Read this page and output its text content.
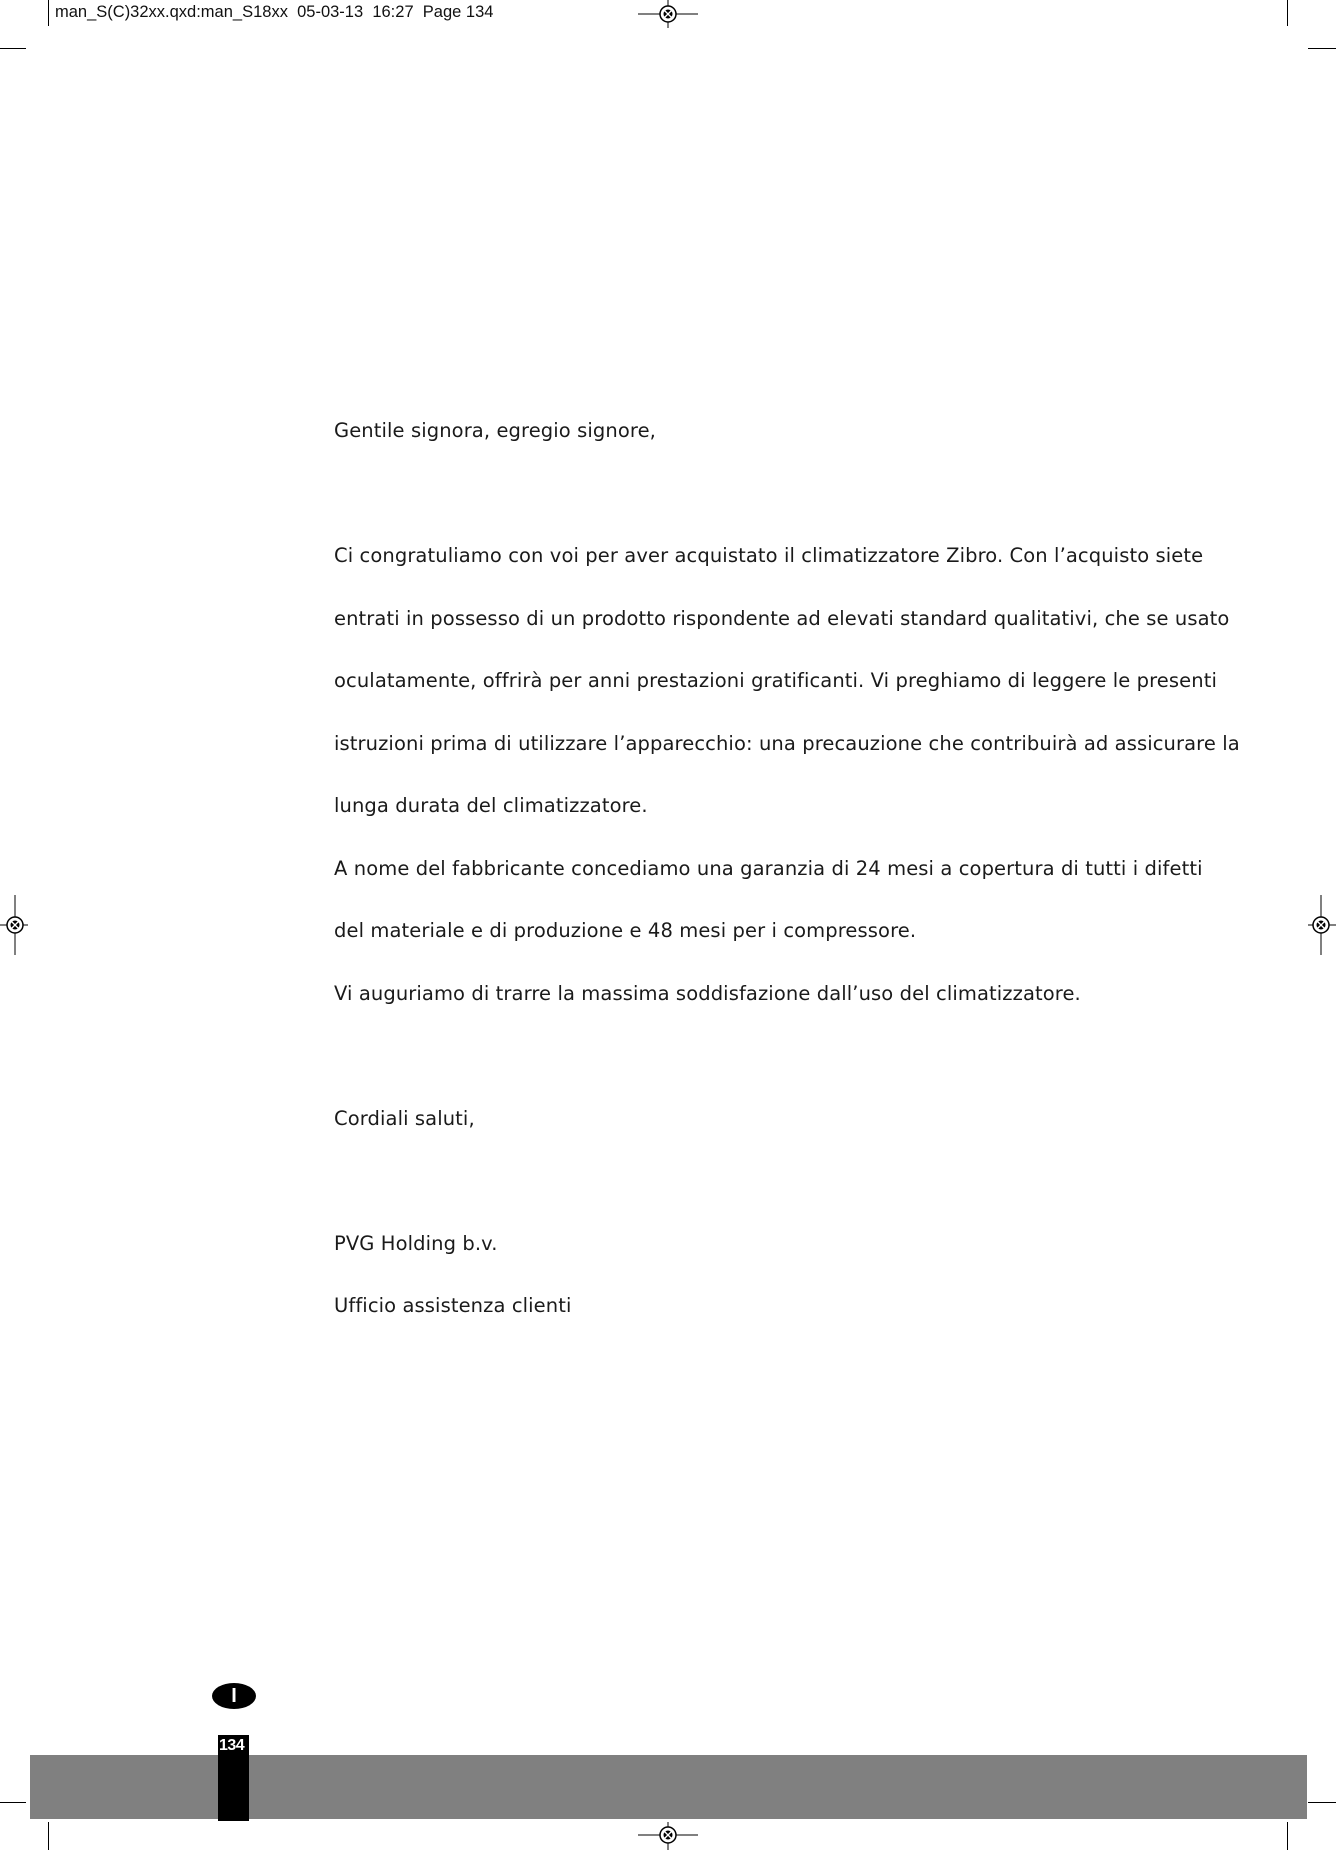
man_S(C)32xx.qxd:man_S18xx  05-03-13  16:27  Page 134

Gentile signora, egregio signore,

Ci congratuliamo con voi per aver acquistato il climatizzatore Zibro. Con l’acquisto siete

entrati in possesso di un prodotto rispondente ad elevati standard qualitativi, che se usato

oculatamente, offrirà per anni prestazioni gratificanti. Vi preghiamo di leggere le presenti

istruzioni prima di utilizzare l’apparecchio: una precauzione che contribuirà ad assicurare la

lunga durata del climatizzatore.

A nome del fabbricante concediamo una garanzia di 24 mesi a copertura di tutti i difetti

del materiale e di produzione e 48 mesi per i compressore.

Vi auguriamo di trarre la massima soddisfazione dall’uso del climatizzatore.

Cordiali saluti,

PVG Holding b.v.

Ufficio assistenza clienti

I
134
